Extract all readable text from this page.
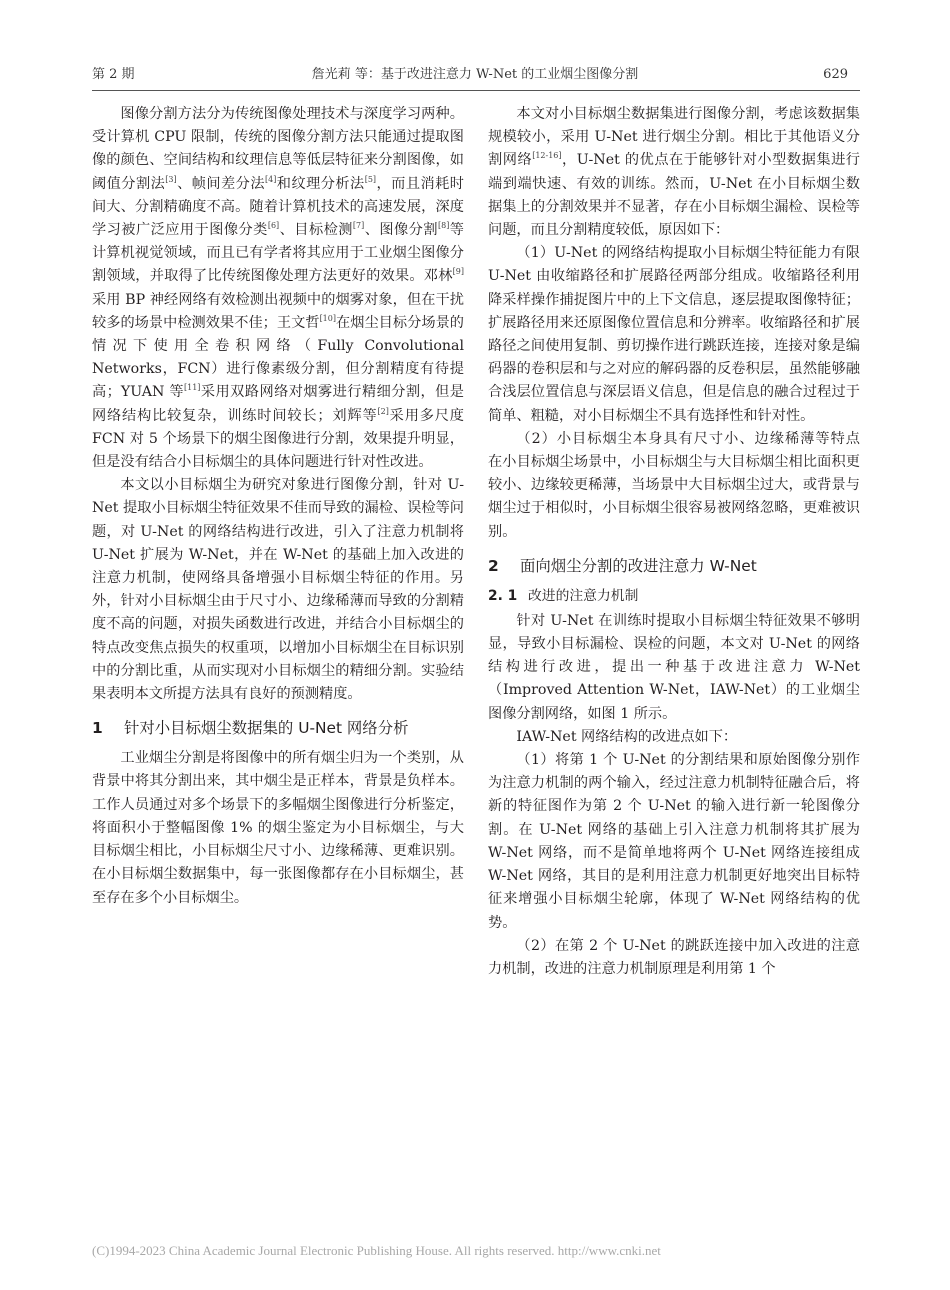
第 2 期	詹光莉 等：基于改进注意力 W-Net 的工业烟尘图像分割	629

图像分割方法分为传统图像处理技术与深度学习两种。受计算机 CPU 限制，传统的图像分割方法只能通过提取图像的颜色、空间结构和纹理信息等低层特征来分割图像，如阈值分割法[3]、帧间差分法[4]和纹理分析法[5]，而且消耗时间大、分割精确度不高。随着计算机技术的高速发展，深度学习被广泛应用于图像分类[6]、目标检测[7]、图像分割[8]等计算机视觉领域，而且已有学者将其应用于工业烟尘图像分割领域，并取得了比传统图像处理方法更好的效果。邓林[9]采用 BP 神经网络有效检测出视频中的烟雾对象，但在干扰较多的场景中检测效果不佳；王文哲[10]在烟尘目标分场景的情况下使用全卷积网络（Fully Convolutional Networks，FCN）进行像素级分割，但分割精度有待提高；YUAN 等[11]采用双路网络对烟雾进行精细分割，但是网络结构比较复杂，训练时间较长；刘辉等[2]采用多尺度 FCN 对 5 个场景下的烟尘图像进行分割，效果提升明显，但是没有结合小目标烟尘的具体问题进行针对性改进。

本文以小目标烟尘为研究对象进行图像分割，针对 U-Net 提取小目标烟尘特征效果不佳而导致的漏检、误检等问题，对 U-Net 的网络结构进行改进，引入了注意力机制将 U-Net 扩展为 W-Net，并在 W-Net 的基础上加入改进的注意力机制，使网络具备增强小目标烟尘特征的作用。另外，针对小目标烟尘由于尺寸小、边缘稀薄而导致的分割精度不高的问题，对损失函数进行改进，并结合小目标烟尘的特点改变焦点损失的权重项，以增加小目标烟尘在目标识别中的分割比重，从而实现对小目标烟尘的精细分割。实验结果表明本文所提方法具有良好的预测精度。

1	针对小目标烟尘数据集的 U-Net 网络分析

工业烟尘分割是将图像中的所有烟尘归为一个类别，从背景中将其分割出来，其中烟尘是正样本，背景是负样本。工作人员通过对多个场景下的多幅烟尘图像进行分析鉴定，将面积小于整幅图像 1% 的烟尘鉴定为小目标烟尘，与大目标烟尘相比，小目标烟尘尺寸小、边缘稀薄、更难识别。在小目标烟尘数据集中，每一张图像都存在小目标烟尘，甚至存在多个小目标烟尘。

本文对小目标烟尘数据集进行图像分割，考虑该数据集规模较小，采用 U-Net 进行烟尘分割。相比于其他语义分割网络[12-16]，U-Net 的优点在于能够针对小型数据集进行端到端快速、有效的训练。然而，U-Net 在小目标烟尘数据集上的分割效果并不显著，存在小目标烟尘漏检、误检等问题，而且分割精度较低，原因如下：

（1）U-Net 的网络结构提取小目标烟尘特征能力有限　U-Net 由收缩路径和扩展路径两部分组成。收缩路径利用降采样操作捕捉图片中的上下文信息，逐层提取图像特征；扩展路径用来还原图像位置信息和分辨率。收缩路径和扩展路径之间使用复制、剪切操作进行跳跃连接，连接对象是编码器的卷积层和与之对应的解码器的反卷积层，虽然能够融合浅层位置信息与深层语义信息，但是信息的融合过程过于简单、粗糙，对小目标烟尘不具有选择性和针对性。

（2）小目标烟尘本身具有尺寸小、边缘稀薄等特点　在小目标烟尘场景中，小目标烟尘与大目标烟尘相比面积更较小、边缘较更稀薄，当场景中大目标烟尘过大，或背景与烟尘过于相似时，小目标烟尘很容易被网络忽略，更难被识别。

2	面向烟尘分割的改进注意力 W-Net
2. 1 改进的注意力机制

针对 U-Net 在训练时提取小目标烟尘特征效果不够明显，导致小目标漏检、误检的问题，本文对 U-Net 的网络结构进行改进，提出一种基于改进注意力 W-Net（Improved Attention W-Net，IAW-Net）的工业烟尘图像分割网络，如图 1 所示。

IAW-Net 网络结构的改进点如下：

（1）将第 1 个 U-Net 的分割结果和原始图像分别作为注意力机制的两个输入，经过注意力机制特征融合后，将新的特征图作为第 2 个 U-Net 的输入进行新一轮图像分割。在 U-Net 网络的基础上引入注意力机制将其扩展为 W-Net 网络，而不是简单地将两个 U-Net 网络连接组成 W-Net 网络，其目的是利用注意力机制更好地突出目标特征来增强小目标烟尘轮廓，体现了 W-Net 网络结构的优势。

（2）在第 2 个 U-Net 的跳跃连接中加入改进的注意力机制，改进的注意力机制原理是利用第 1 个

(C)1994-2023 China Academic Journal Electronic Publishing House. All rights reserved. http://www.cnki.net
